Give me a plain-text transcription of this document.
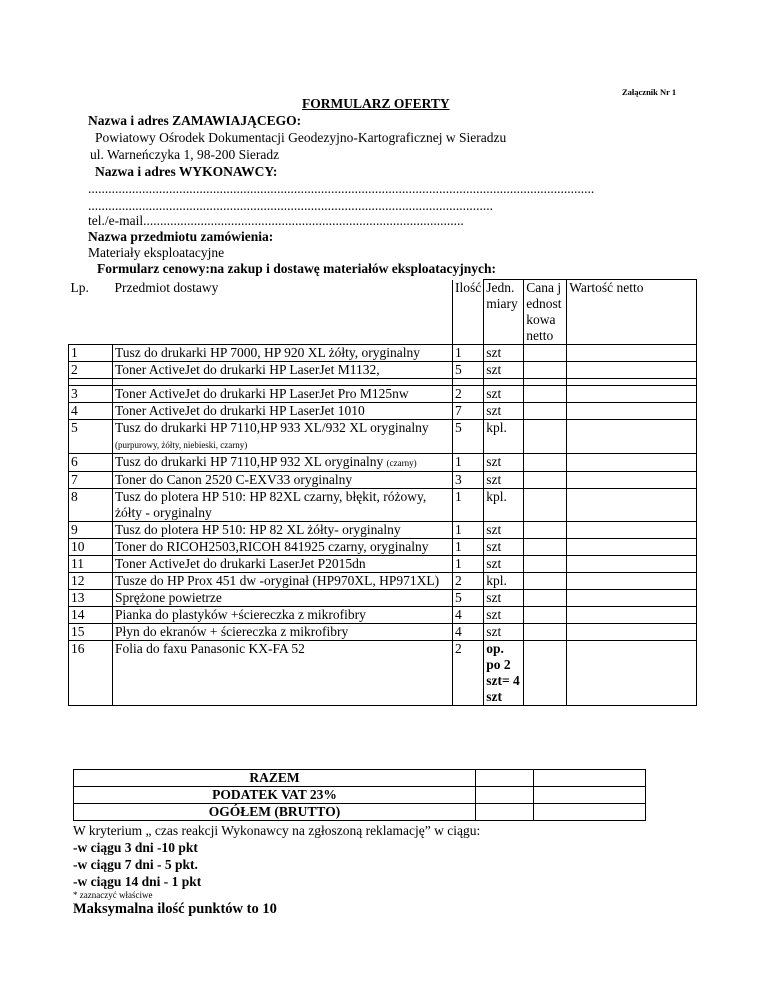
Załącznik Nr 1
FORMULARZ OFERTY
Nazwa i adres ZAMAWIAJĄCEGO:
Powiatowy Ośrodek Dokumentacji Geodezyjno-Kartograficznej w Sieradzu
ul. Warneńczyka 1, 98-200 Sieradz
Nazwa i adres WYKONAWCY:
......................................................................................................................................................
........................................................................................................................
tel./e-mail...............................................................................................
Nazwa przedmiotu zamówienia:
Materiały eksploatacyjne
Formularz cenowy:na zakup i dostawę materiałów eksploatacyjnych:
Lp.	Przedmiot dostawy	Ilość	Jedn. miary	Cana jednostkowa netto	Wartość netto
1	Tusz do drukarki HP 7000, HP 920 XL żółty, oryginalny	1	szt		
2	Toner ActiveJet do drukarki HP LaserJet M1132,	5	szt		

3	Toner ActiveJet do drukarki HP LaserJet Pro M125nw	2	szt		
4	Toner ActiveJet do drukarki HP LaserJet 1010	7	szt		
5	Tusz do drukarki HP 7110,HP 933 XL/932 XL oryginalny (purpurowy, żółty, niebieski, czarny)	5	kpl.		
6	Tusz do drukarki HP 7110,HP 932 XL oryginalny (czarny)	1	szt		
7	Toner do Canon 2520 C-EXV33 oryginalny	3	szt		
8	Tusz do plotera HP 510: HP 82XL czarny, błękit, różowy, żółty - oryginalny	1	kpl.		
9	Tusz do plotera HP 510: HP 82 XL żółty- oryginalny	1	szt		
10	Toner do RICOH2503,RICOH 841925 czarny, oryginalny	1	szt		
11	Toner ActiveJet do drukarki LaserJet P2015dn	1	szt		
12	Tusze do HP Prox 451 dw -oryginał (HP970XL, HP971XL)	2	kpl.		
13	Sprężone powietrze	5	szt		
14	Pianka do plastyków +ściereczka z mikrofibry	4	szt		
15	Płyn do ekranów + ściereczka z mikrofibry	4	szt		
16	Folia do faxu Panasonic KX-FA 52	2	op. po 2 szt= 4 szt		
RAZEM		
PODATEK VAT 23%		
OGÓŁEM (BRUTTO)		
W kryterium „ czas reakcji Wykonawcy na zgłoszoną reklamację” w ciągu:
-w ciągu 3 dni -10 pkt
-w ciągu 7 dni - 5 pkt.
-w ciągu 14 dni - 1 pkt
* zaznaczyć właściwe
Maksymalna ilość punktów to 10
